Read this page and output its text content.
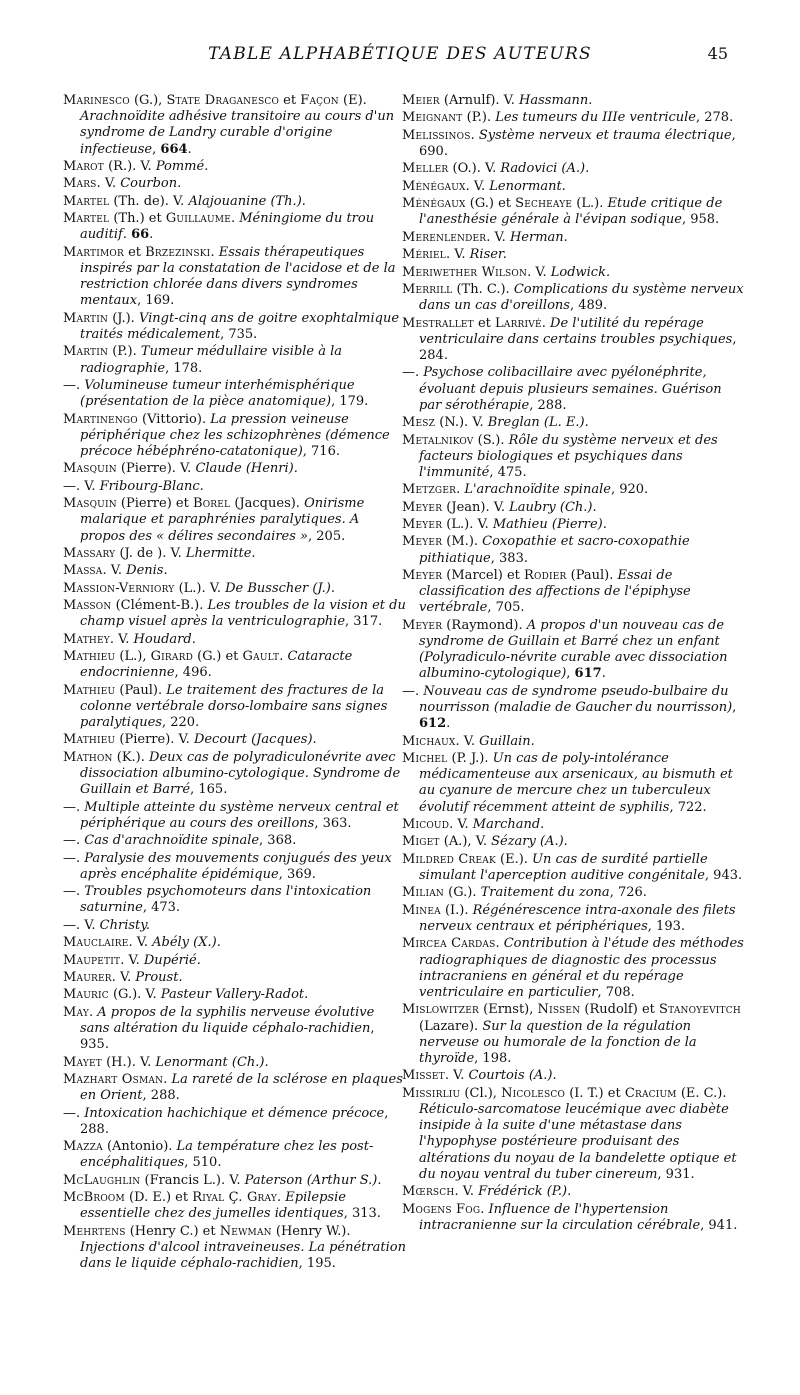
TABLE ALPHABÉTIQUE DES AUTEURS	45

Marinesco (G.), State Draganesco et Façon (E). Arachnoïdite adhésive transitoire au cours d'un syndrome de Landry curable d'origine infectieuse, 664.

Marot (R.). V. Pommé.

Mars. V. Courbon.

Martel (Th. de). V. Alajouanine (Th.).

Martel (Th.) et Guillaume. Méningiome du trou auditif. 66.

Martimor et Brzezinski. Essais thérapeutiques inspirés par la constatation de l'acidose et de la restriction chlorée dans divers syndromes mentaux, 169.

Martin (J.). Vingt-cinq ans de goitre exophtalmique traités médicalement, 735.

Martin (P.). Tumeur médullaire visible à la radiographie, 178.

—. Volumineuse tumeur interhémisphérique (présentation de la pièce anatomique), 179.

Martinengo (Vittorio). La pression veineuse périphérique chez les schizophrènes (démence précoce hébéphréno-catatonique), 716.

Masquin (Pierre). V. Claude (Henri).

—. V. Fribourg-Blanc.

Masquin (Pierre) et Borel (Jacques). Onirisme malarique et paraphrénies paralytiques. A propos des « délires secondaires », 205.

Massary (J. de ). V. Lhermitte.

Massa. V. Denis.

Massion-Verniory (L.). V. De Busscher (J.).

Masson (Clément-B.). Les troubles de la vision et du champ visuel après la ventriculographie, 317.

Mathey. V. Houdard.

Mathieu (L.), Girard (G.) et Gault. Cataracte endocrinienne, 496.

Mathieu (Paul). Le traitement des fractures de la colonne vertébrale dorso-lombaire sans signes paralytiques, 220.

Mathieu (Pierre). V. Decourt (Jacques).

Mathon (K.). Deux cas de polyradiculonévrite avec dissociation albumino-cytologique. Syndrome de Guillain et Barré, 165.

—. Multiple atteinte du système nerveux central et périphérique au cours des oreillons, 363.

—. Cas d'arachnoïdite spinale, 368.

—. Paralysie des mouvements conjugués des yeux après encéphalite épidémique, 369.

—. Troubles psychomoteurs dans l'intoxication saturnine, 473.

—. V. Christy.

Mauclaire. V. Abély (X.).

Maupetit. V. Dupérié.

Maurer. V. Proust.

Mauric (G.). V. Pasteur Vallery-Radot.

May. A propos de la syphilis nerveuse évolutive sans altération du liquide céphalo-rachidien, 935.

Mayet (H.). V. Lenormant (Ch.).

Mazhart Osman. La rareté de la sclérose en plaques en Orient, 288.

—. Intoxication hachichique et démence précoce, 288.

Mazza (Antonio). La température chez les post-encéphalitiques, 510.

McLaughlin (Francis L.). V. Paterson (Arthur S.).

McBroom (D. E.) et Riyal Ç. Gray. Epilepsie essentielle chez des jumelles identiques, 313.

Mehrtens (Henry C.) et Newman (Henry W.). Injections d'alcool intraveineuses. La pénétration dans le liquide céphalo-rachidien, 195.

Meier (Arnulf). V. Hassmann.

Meignant (P.). Les tumeurs du IIIe ventricule, 278.

Melissinos. Système nerveux et trauma électrique, 690.

Meller (O.). V. Radovici (A.).

Ménégaux. V. Lenormant.

Ménégaux (G.) et Secheaye (L.). Etude critique de l'anesthésie générale à l'évipan sodique, 958.

Merenlender. V. Herman.

Mériel. V. Riser.

Meriwether Wilson. V. Lodwick.

Merrill (Th. C.). Complications du système nerveux dans un cas d'oreillons, 489.

Mestrallet et Larrivé. De l'utilité du repérage ventriculaire dans certains troubles psychiques, 284.

—. Psychose colibacillaire avec pyélonéphrite, évoluant depuis plusieurs semaines. Guérison par sérothérapie, 288.

Mesz (N.). V. Breglan (L. E.).

Metalnikov (S.). Rôle du système nerveux et des facteurs biologiques et psychiques dans l'immunité, 475.

Metzger. L'arachnoïdite spinale, 920.

Meyer (Jean). V. Laubry (Ch.).

Meyer (L.). V. Mathieu (Pierre).

Meyer (M.). Coxopathie et sacro-coxopathie pithiatique, 383.

Meyer (Marcel) et Rodier (Paul). Essai de classification des affections de l'épiphyse vertébrale, 705.

Meyer (Raymond). A propos d'un nouveau cas de syndrome de Guillain et Barré chez un enfant (Polyradiculo-névrite curable avec dissociation albumino-cytologique), 617.

—. Nouveau cas de syndrome pseudo-bulbaire du nourrisson (maladie de Gaucher du nourrisson), 612.

Michaux. V. Guillain.

Michel (P. J.). Un cas de poly-intolérance médicamenteuse aux arsenicaux, au bismuth et au cyanure de mercure chez un tuberculeux évolutif récemment atteint de syphilis, 722.

Micoud. V. Marchand.

Miget (A.), V. Sézary (A.).

Mildred Creak (E.). Un cas de surdité partielle simulant l'aperception auditive congénitale, 943.

Milian (G.). Traitement du zona, 726.

Minea (I.). Régénérescence intra-axonale des filets nerveux centraux et périphériques, 193.

Mircea Cardas. Contribution à l'étude des méthodes radiographiques de diagnostic des processus intracraniens en général et du repérage ventriculaire en particulier, 708.

Mislowitzer (Ernst), Nissen (Rudolf) et Stanoyevitch (Lazare). Sur la question de la régulation nerveuse ou humorale de la fonction de la thyroïde, 198.

Misset. V. Courtois (A.).

Missirliu (Cl.), Nicolesco (I. T.) et Cracium (E. C.). Réticulo-sarcomatose leucémique avec diabète insipide à la suite d'une métastase dans l'hypophyse postérieure produisant des altérations du noyau de la bandelette optique et du noyau ventral du tuber cinereum, 931.

Mœrsch. V. Frédérick (P.).

Mogens Fog. Influence de l'hypertension intracranienne sur la circulation cérébrale, 941.
